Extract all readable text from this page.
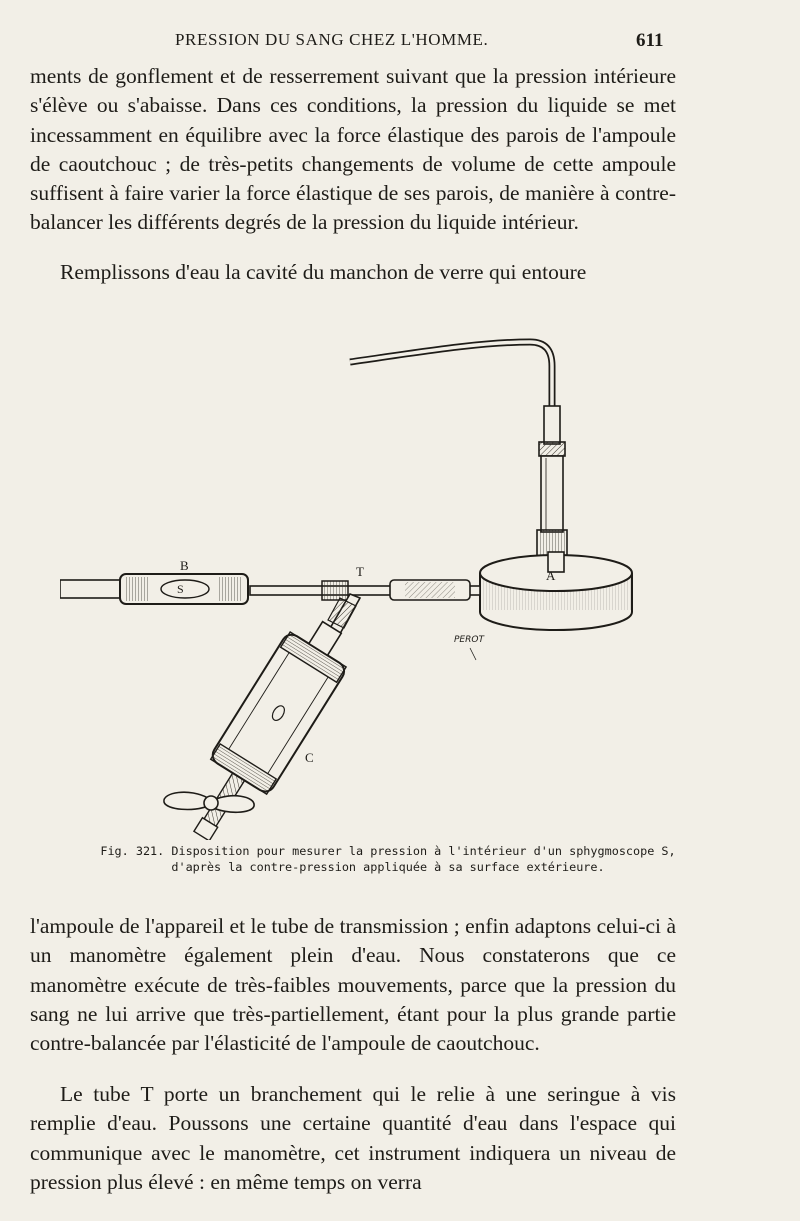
PRESSION DU SANG CHEZ L'HOMME.	611
ments de gonflement et de resserrement suivant que la pression intérieure s'élève ou s'abaisse. Dans ces conditions, la pression du liquide se met incessamment en équilibre avec la force élastique des parois de l'ampoule de caoutchouc ; de très-petits changements de volume de cette ampoule suffisent à faire varier la force élastique de ses parois, de manière à contre-balancer les différents degrés de la pression du liquide intérieur.
Remplissons d'eau la cavité du manchon de verre qui entoure
A
T
S
B
C
PEROT
Fig. 321. Disposition pour mesurer la pression à l'intérieur d'un sphygmoscope S,
d'après la contre-pression appliquée à sa surface extérieure.
l'ampoule de l'appareil et le tube de transmission ; enfin adaptons celui-ci à un manomètre également plein d'eau. Nous constaterons que ce manomètre exécute de très-faibles mouvements, parce que la pression du sang ne lui arrive que très-partiellement, étant pour la plus grande partie contre-balancée par l'élasticité de l'ampoule de caoutchouc.
Le tube T porte un branchement qui le relie à une seringue à vis remplie d'eau. Poussons une certaine quantité d'eau dans l'espace qui communique avec le manomètre, cet instrument indiquera un niveau de pression plus élevé : en même temps on verra
